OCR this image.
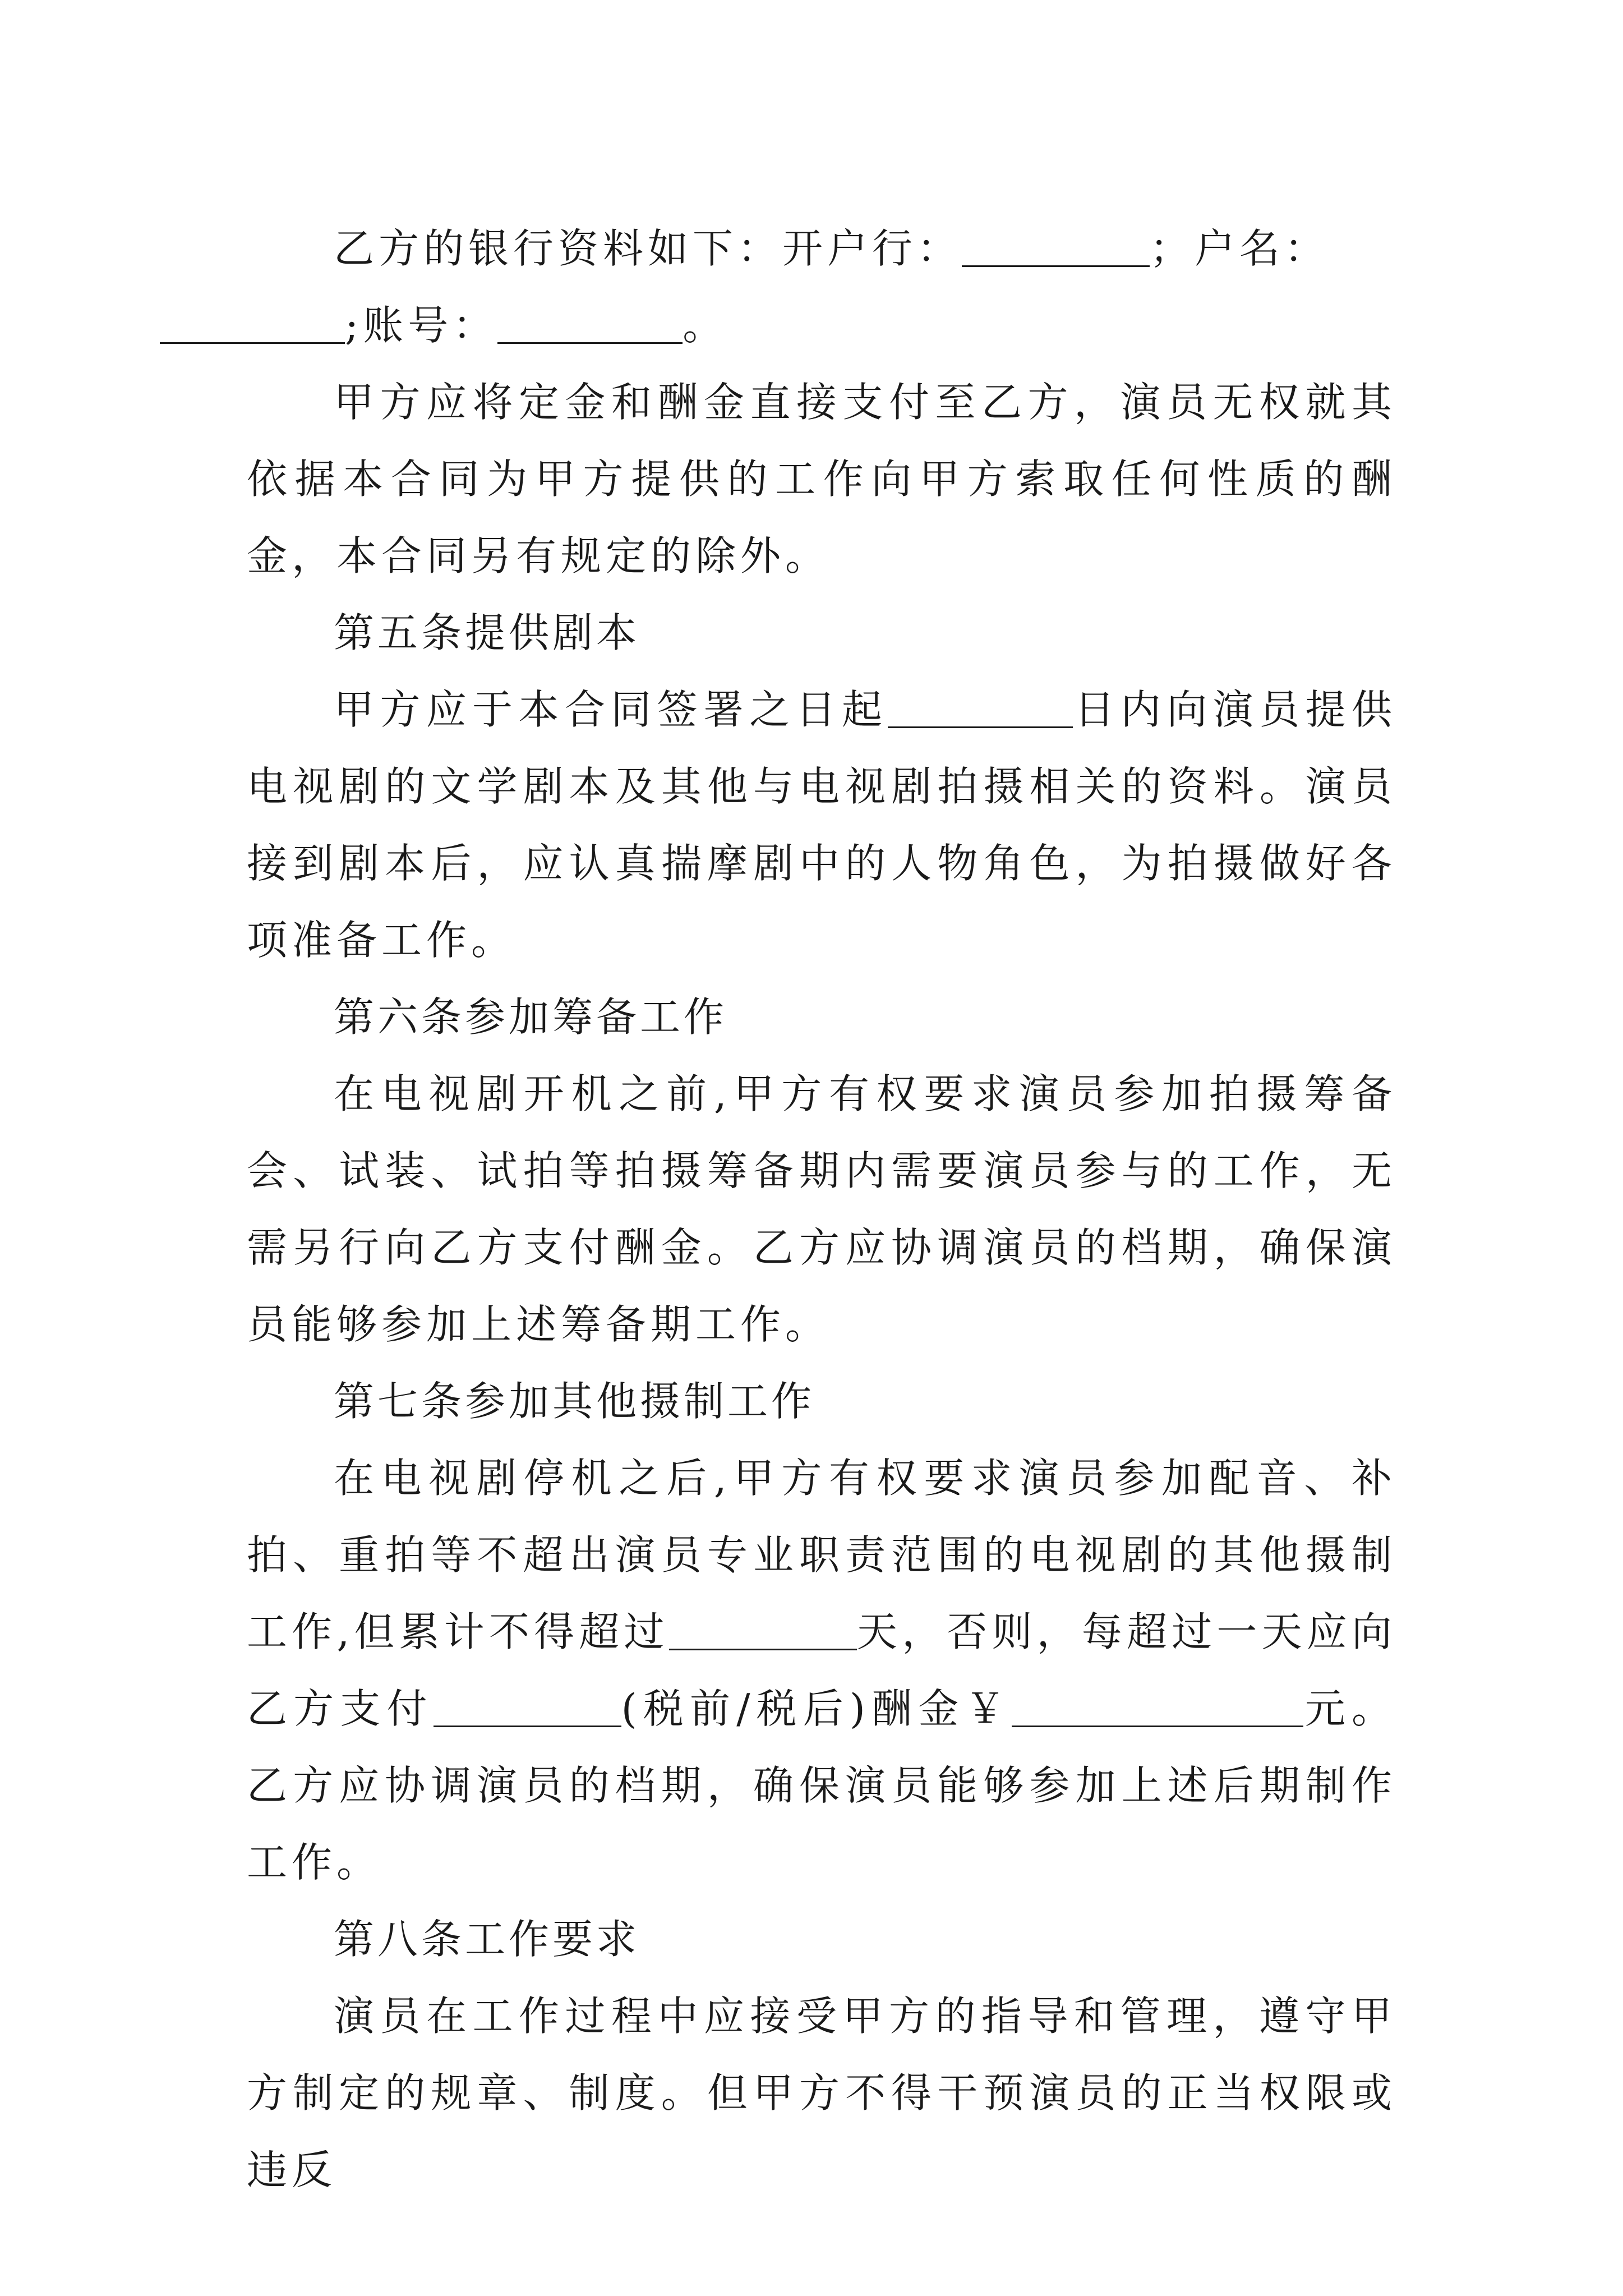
乙方的银行资料如下：开户行：	；户名：
;账号：	。

甲方应将定金和酬金直接支付至乙方，演员无权就其依据本合同为甲方提供的工作向甲方索取任何性质的酬金，本合同另有规定的除外。

第五条提供剧本

甲方应于本合同签署之日起	日内向演员提供电视剧的文学剧本及其他与电视剧拍摄相关的资料。演员接到剧本后，应认真揣摩剧中的人物角色，为拍摄做好各项准备工作。

第六条参加筹备工作

在电视剧开机之前,甲方有权要求演员参加拍摄筹备会、试装、试拍等拍摄筹备期内需要演员参与的工作，无需另行向乙方支付酬金。乙方应协调演员的档期，确保演员能够参加上述筹备期工作。

第七条参加其他摄制工作

在电视剧停机之后,甲方有权要求演员参加配音、补拍、重拍等不超出演员专业职责范围的电视剧的其他摄制工作,但累计不得超过	天，否则，每超过一天应向乙方支付	(税前/税后)酬金￥	元。乙方应协调演员的档期，确保演员能够参加上述后期制作工作。

第八条工作要求

演员在工作过程中应接受甲方的指导和管理，遵守甲方制定的规章、制度。但甲方不得干预演员的正当权限或违反
